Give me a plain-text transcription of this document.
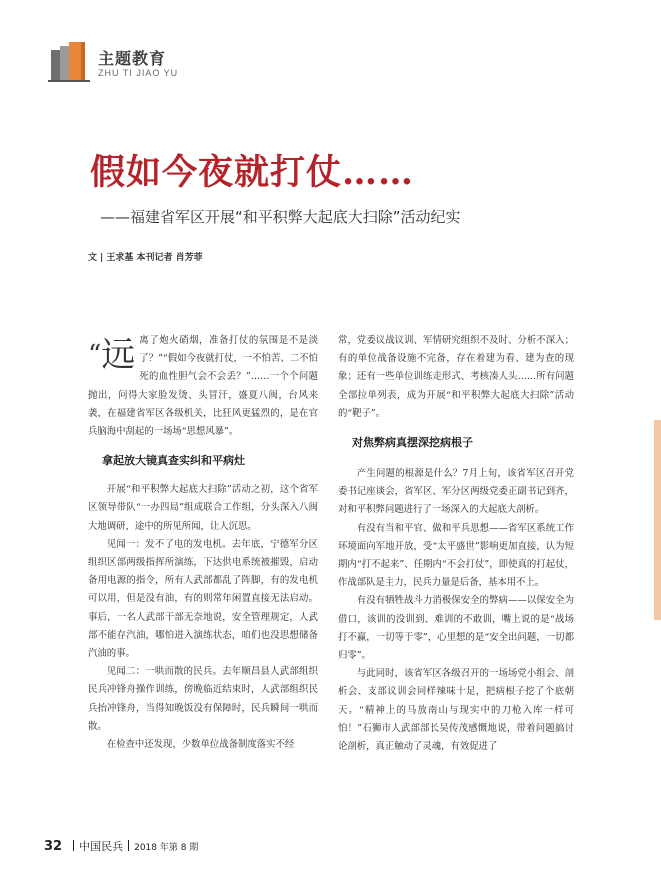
主题教育
ZHU TI JIAO YU
假如今夜就打仗……
——福建省军区开展“和平积弊大起底大扫除”活动纪实
文 | 王求基 本刊记者 肖芳菲

“远 离了炮火硝烟，准备打仗的氛围是不是淡了？”“假如今夜就打仗，一不怕苦、二不怕死的血性胆气会不会丢？”……一个个问题抛出，问得大家脸发烫、头冒汗，盛夏八闽，台风来袭，在福建省军区各级机关，比狂风更猛烈的，是在官兵脑海中刮起的一场场“思想风暴”。

拿起放大镜真查实纠和平病灶

开展“和平积弊大起底大扫除”活动之初，这个省军区领导带队“一办四局”组成联合工作组，分头深入八闽大地调研，途中的所见所闻，让人沉思。

见闻一：发不了电的发电机。去年底，宁德军分区组织区部两级指挥所演练，下达供电系统被摧毁，启动备用电源的指令，所有人武部都乱了阵脚，有的发电机可以用，但是没有油，有的则常年闲置直接无法启动。事后，一名人武部干部无奈地说，安全管理规定，人武部不能存汽油，哪怕进入演练状态，咱们也没思想储备汽油的事。

见闻二：一哄而散的民兵。去年顺昌县人武部组织民兵冲锋舟操作训练，傍晚临近结束时，人武部组织民兵抬冲锋舟，当得知晚饭没有保障时，民兵瞬间一哄而散。

在检查中还发现，少数单位战备制度落实不经

常，党委议战议训、军情研究组织不及时、分析不深入；有的单位战备设施不完备，存在着建为看、建为查的现象；还有一些单位训练走形式、考核凑人头……所有问题全部拉单列表，成为开展“和平积弊大起底大扫除”活动的“靶子”。

对焦弊病真摆深挖病根子

产生问题的根源是什么？7月上旬，该省军区召开党委书记座谈会，省军区、军分区两级党委正副书记到齐，对和平积弊问题进行了一场深入的大起底大剖析。

有没有当和平官、做和平兵思想——省军区系统工作环境面向军地开放，受“太平盛世”影响更加直接，认为短期内“打不起来”、任期内“不会打仗”，即使真的打起仗，作战部队是主力，民兵力量是后备，基本用不上。

有没有牺牲战斗力消极保安全的弊病——以保安全为借口，该训的没训到、难训的不敢训，嘴上说的是“战场打不赢，一切等于零”，心里想的是“安全出问题，一切都归零”。

与此同时，该省军区各级召开的一场场党小组会、剖析会、支部议训会同样辣味十足，把病根子挖了个底朝天。“精神上的马放南山与现实中的刀枪入库一样可怕！”石狮市人武部部长吴传茂感慨地说，带着问题搞讨论剖析，真正触动了灵魂，有效促进了

32 中国民兵 2018 年第 8 期
